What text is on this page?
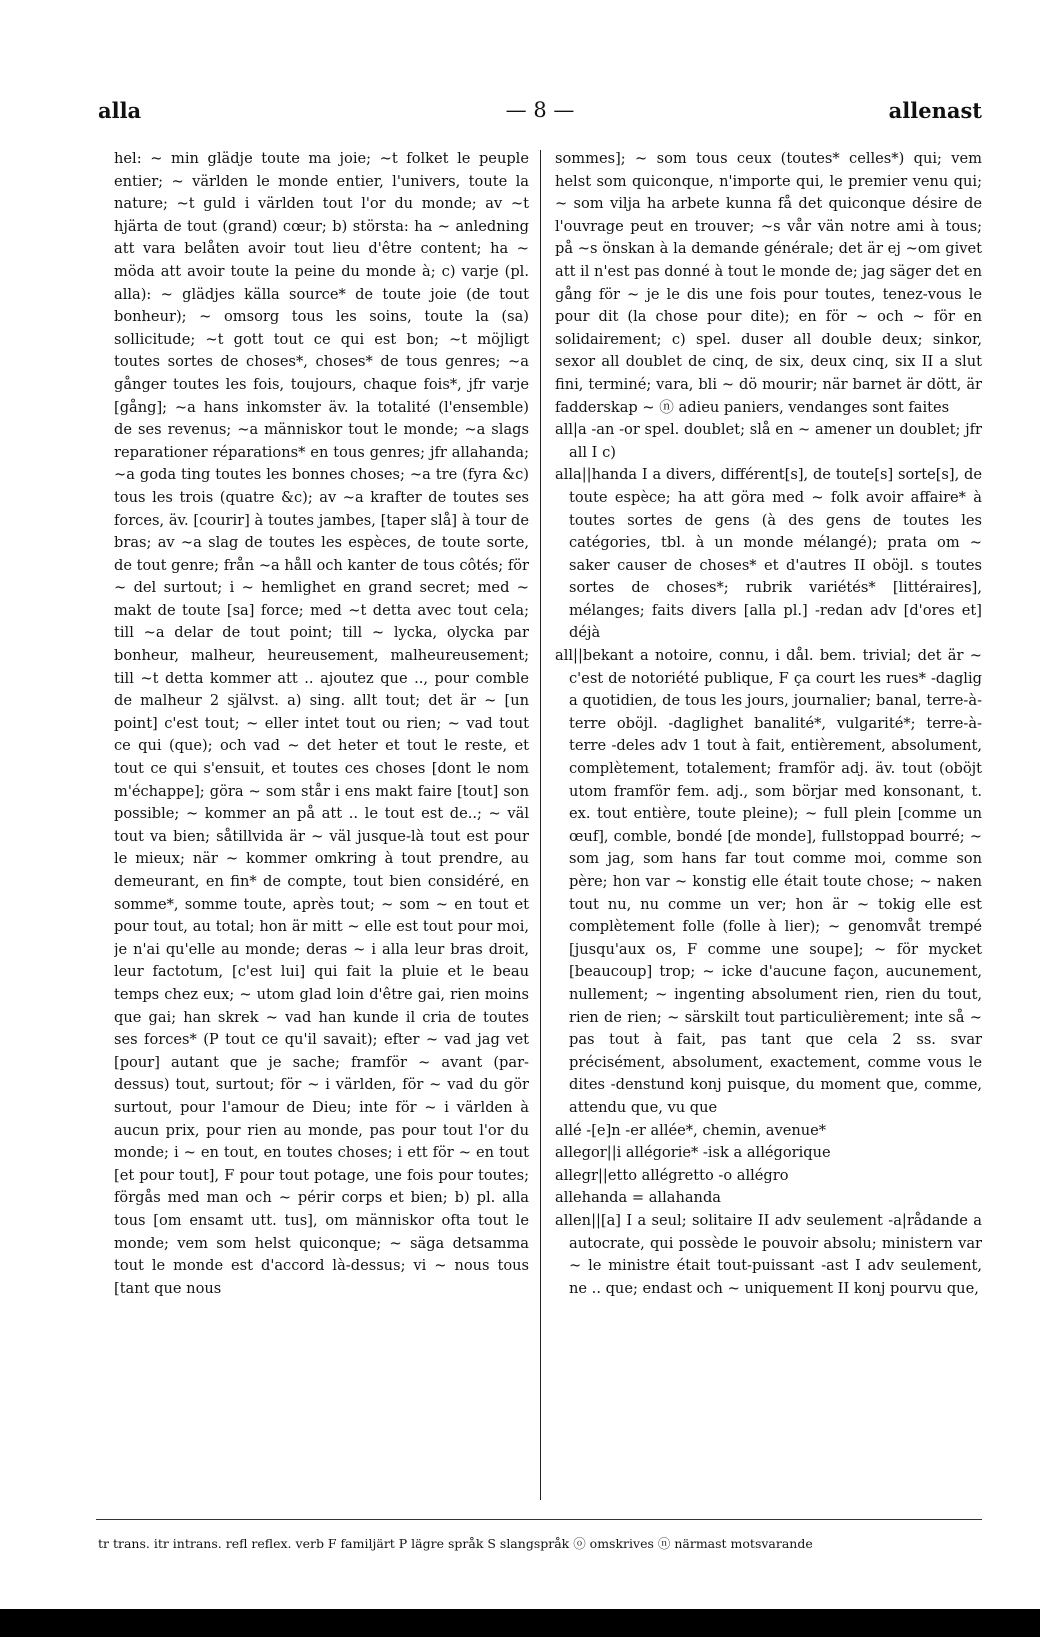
alla	— 8 —	allenast

hel: ~ min glädje toute ma joie; ~t folket le peuple entier; ~ världen le monde entier, l'univers, toute la nature; ~t guld i världen tout l'or du monde; av ~t hjärta de tout (grand) cœur; b) största: ha ~ anledning att vara belåten avoir tout lieu d'être content; ha ~ möda att avoir toute la peine du monde à; c) varje (pl. alla): ~ glädjes källa source* de toute joie (de tout bonheur); ~ omsorg tous les soins, toute la (sa) sollicitude; ~t gott tout ce qui est bon; ~t möjligt toutes sortes de choses*, choses* de tous genres; ~a gånger toutes les fois, toujours, chaque fois*, jfr varje [gång]; ~a hans inkomster äv. la totalité (l'ensemble) de ses revenus; ~a människor tout le monde; ~a slags reparationer réparations* en tous genres; jfr allahanda; ~a goda ting toutes les bonnes choses; ~a tre (fyra &c) tous les trois (quatre &c); av ~a krafter de toutes ses forces, äv. [courir] à toutes jambes, [taper slå] à tour de bras; av ~a slag de toutes les espèces, de toute sorte, de tout genre; från ~a håll och kanter de tous côtés; för ~ del surtout; i ~ hemlighet en grand secret; med ~ makt de toute [sa] force; med ~t detta avec tout cela; till ~a delar de tout point; till ~ lycka, olycka par bonheur, malheur, heureusement, malheureusement; till ~t detta kommer att .. ajoutez que .., pour comble de malheur 2 självst. a) sing. allt tout; det är ~ [un point] c'est tout; ~ eller intet tout ou rien; ~ vad tout ce qui (que); och vad ~ det heter et tout le reste, et tout ce qui s'ensuit, et toutes ces choses [dont le nom m'échappe]; göra ~ som står i ens makt faire [tout] son possible; ~ kommer an på att .. le tout est de..; ~ väl tout va bien; såtillvida är ~ väl jusque-là tout est pour le mieux; när ~ kommer omkring à tout prendre, au demeurant, en fin* de compte, tout bien considéré, en somme*, somme toute, après tout; ~ som ~ en tout et pour tout, au total; hon är mitt ~ elle est tout pour moi, je n'ai qu'elle au monde; deras ~ i alla leur bras droit, leur factotum, [c'est lui] qui fait la pluie et le beau temps chez eux; ~ utom glad loin d'être gai, rien moins que gai; han skrek ~ vad han kunde il cria de toutes ses forces* (P tout ce qu'il savait); efter ~ vad jag vet [pour] autant que je sache; framför ~ avant (par-dessus) tout, surtout; för ~ i världen, för ~ vad du gör surtout, pour l'amour de Dieu; inte för ~ i världen à aucun prix, pour rien au monde, pas pour tout l'or du monde; i ~ en tout, en toutes choses; i ett för ~ en tout [et pour tout], F pour tout potage, une fois pour toutes; förgås med man och ~ périr corps et bien; b) pl. alla tous [om ensamt utt. tus], om människor ofta tout le monde; vem som helst quiconque; ~ säga detsamma tout le monde est d'accord là-dessus; vi ~ nous tous [tant que nous

sommes]; ~ som tous ceux (toutes* celles*) qui; vem helst som quiconque, n'importe qui, le premier venu qui; ~ som vilja ha arbete kunna få det quiconque désire de l'ouvrage peut en trouver; ~s vår vän notre ami à tous; på ~s önskan à la demande générale; det är ej ~om givet att il n'est pas donné à tout le monde de; jag säger det en gång för ~ je le dis une fois pour toutes, tenez-vous le pour dit (la chose pour dite); en för ~ och ~ för en solidairement; c) spel. duser all double deux; sinkor, sexor all doublet de cinq, de six, deux cinq, six II a slut fini, terminé; vara, bli ~ dö mourir; när barnet är dött, är fadderskap ~ ⓝ adieu paniers, vendanges sont faites

all|a -an -or spel. doublet; slå en ~ amener un doublet; jfr all I c)

alla||handa I a divers, différent[s], de toute[s] sorte[s], de toute espèce; ha att göra med ~ folk avoir affaire* à toutes sortes de gens (à des gens de toutes les catégories, tbl. à un monde mélangé); prata om ~ saker causer de choses* et d'autres II oböjl. s toutes sortes de choses*; rubrik variétés* [littéraires], mélanges; faits divers [alla pl.] -redan adv [d'ores et] déjà

all||bekant a notoire, connu, i dål. bem. trivial; det är ~ c'est de notoriété publique, F ça court les rues* -daglig a quotidien, de tous les jours, journalier; banal, terre-à-terre oböjl. -daglighet banalité*, vulgarité*; terre-à-terre -deles adv 1 tout à fait, entièrement, absolument, complètement, totalement; framför adj. äv. tout (oböjt utom framför fem. adj., som börjar med konsonant, t. ex. tout entière, toute pleine); ~ full plein [comme un œuf], comble, bondé [de monde], fullstoppad bourré; ~ som jag, som hans far tout comme moi, comme son père; hon var ~ konstig elle était toute chose; ~ naken tout nu, nu comme un ver; hon är ~ tokig elle est complètement folle (folle à lier); ~ genomvåt trempé [jusqu'aux os, F comme une soupe]; ~ för mycket [beaucoup] trop; ~ icke d'aucune façon, aucunement, nullement; ~ ingenting absolument rien, rien du tout, rien de rien; ~ särskilt tout particulièrement; inte så ~ pas tout à fait, pas tant que cela 2 ss. svar précisément, absolument, exactement, comme vous le dites -denstund konj puisque, du moment que, comme, attendu que, vu que

allé -[e]n -er allée*, chemin, avenue*

allegor||i allégorie* -isk a allégorique

allegr||etto allégretto -o allégro

allehanda = allahanda

allen||[a] I a seul; solitaire II adv seulement -a|rådande a autocrate, qui possède le pouvoir absolu; ministern var ~ le ministre était tout-puissant -ast I adv seulement, ne .. que; endast och ~ uniquement II konj pourvu que,

tr trans. itr intrans. refl reflex. verb F familjärt P lägre språk S slangspråk ⓞ omskrives ⓝ närmast motsvarande
